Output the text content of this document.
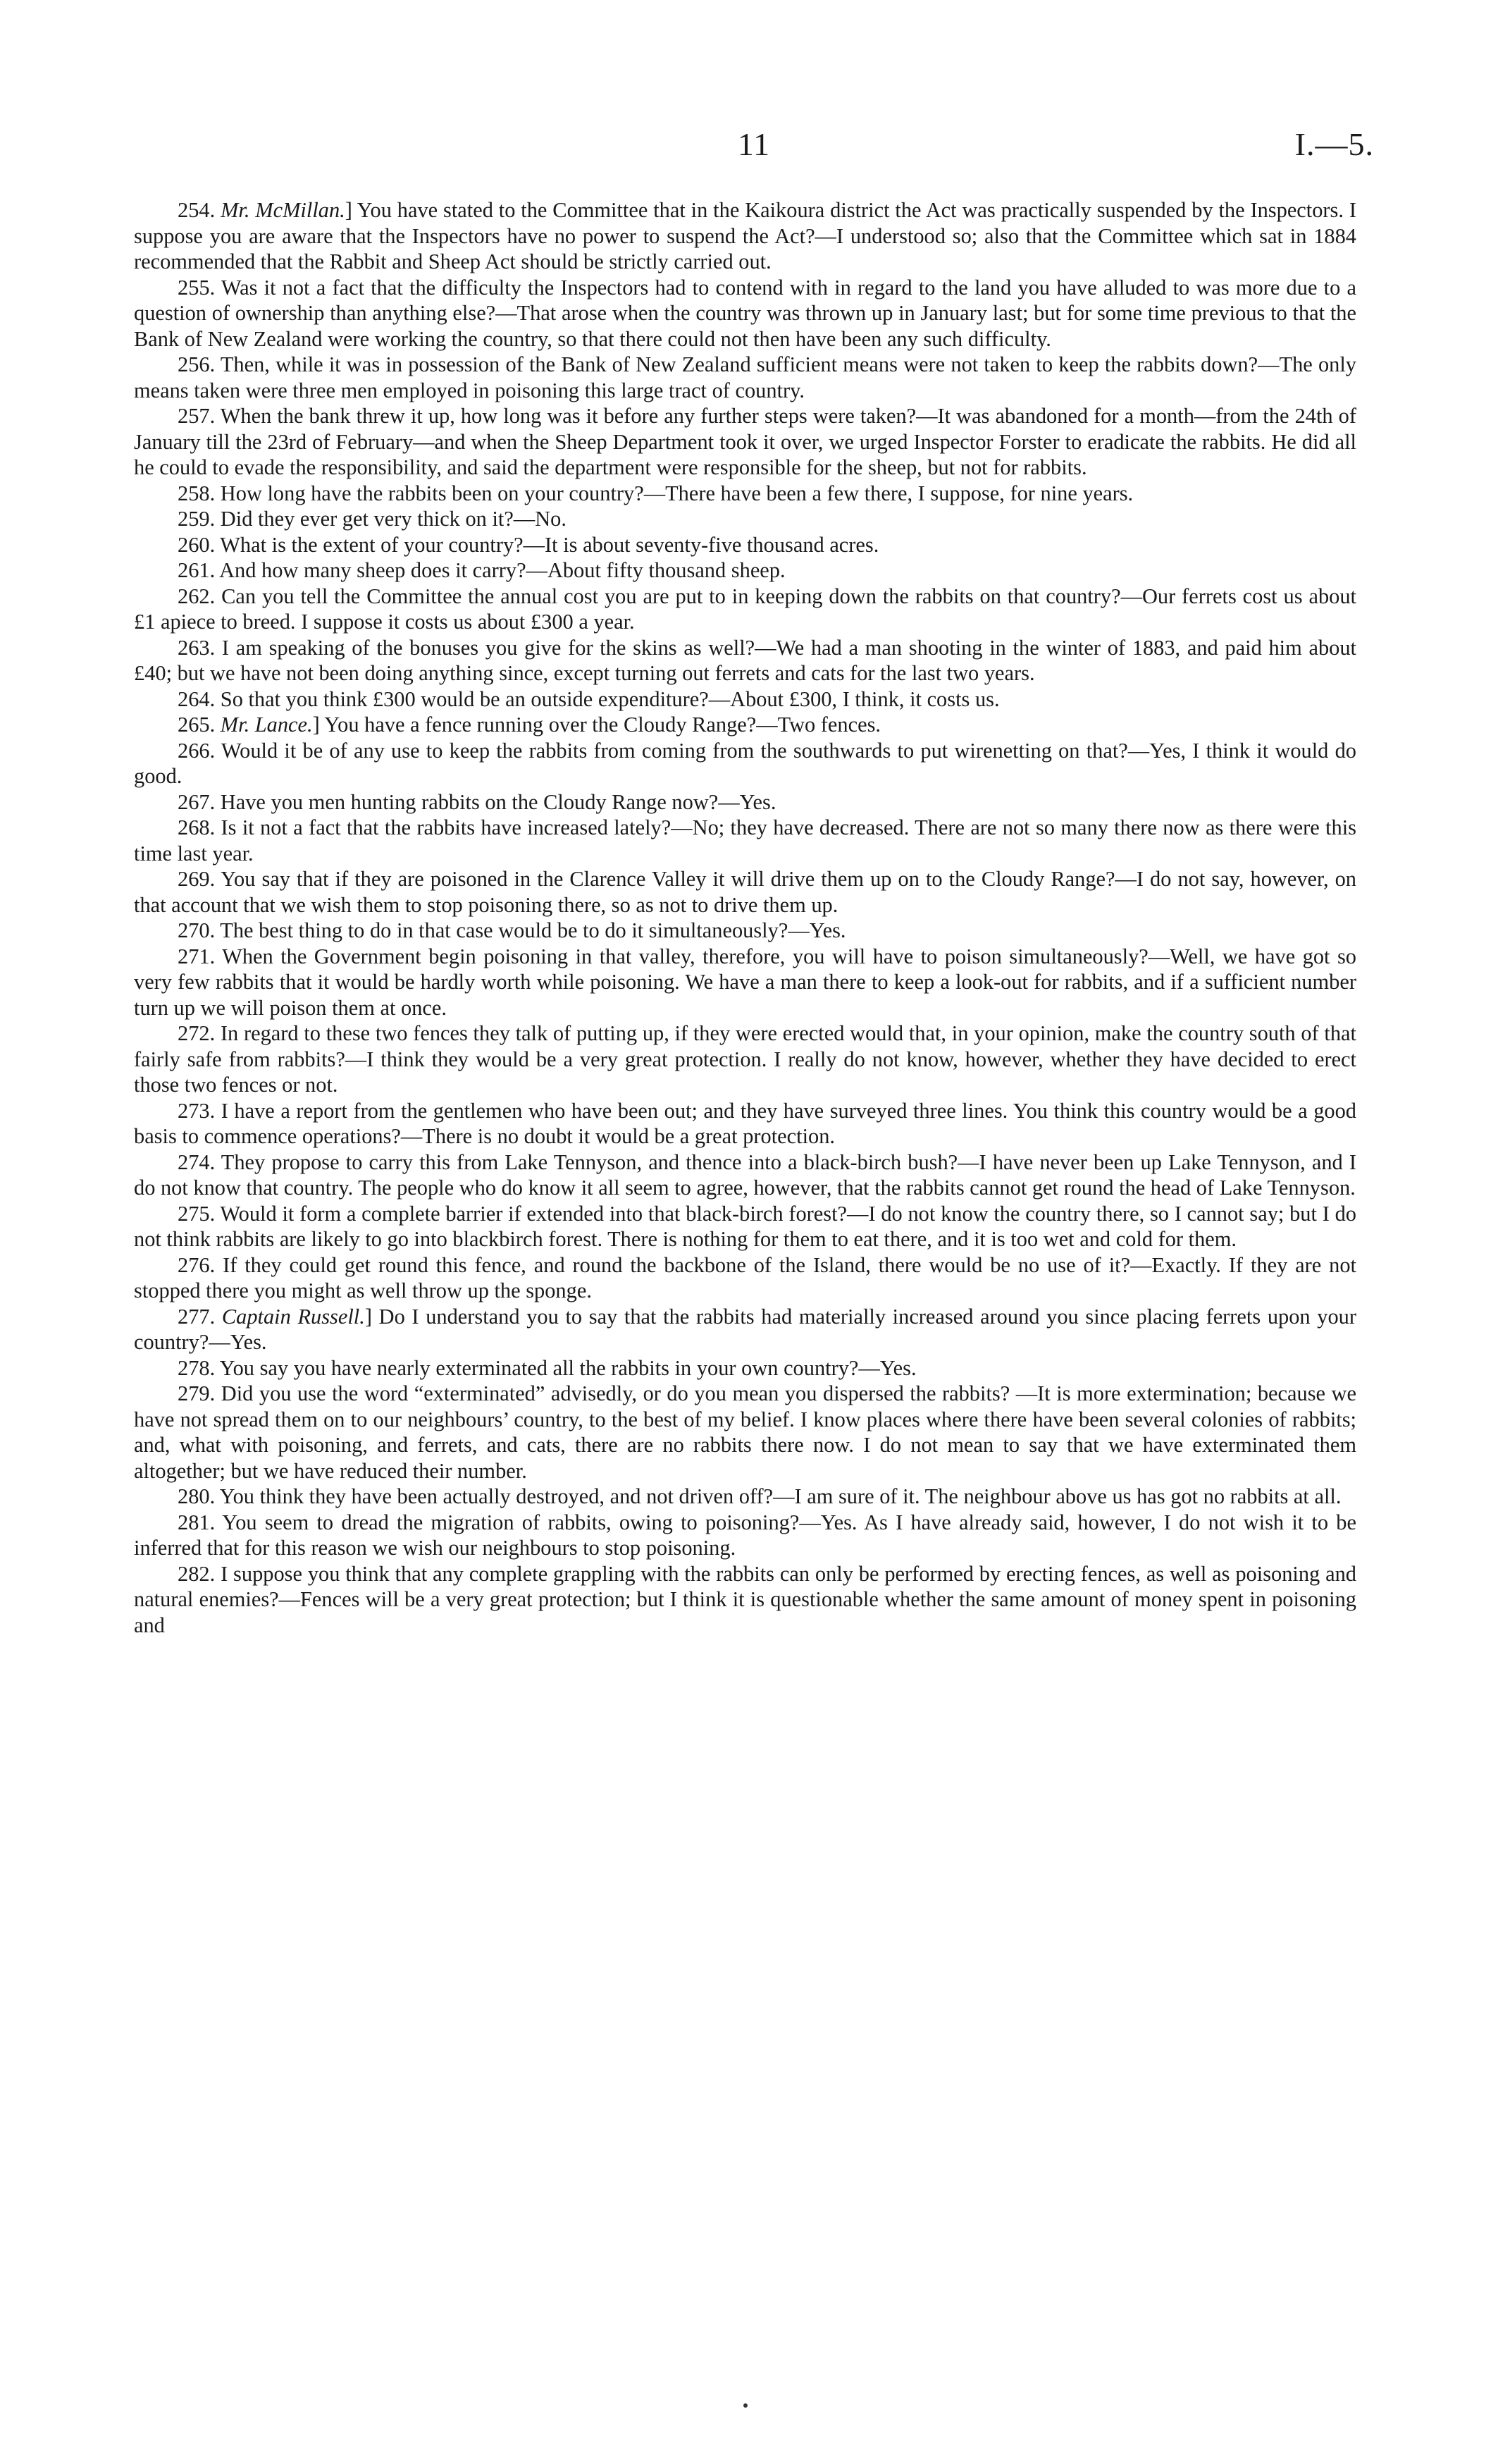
11	I.—5.

254. Mr. McMillan.] You have stated to the Committee that in the Kaikoura district the Act was practically suspended by the Inspectors. I suppose you are aware that the Inspectors have no power to suspend the Act?—I understood so; also that the Committee which sat in 1884 recommended that the Rabbit and Sheep Act should be strictly carried out.

255. Was it not a fact that the difficulty the Inspectors had to contend with in regard to the land you have alluded to was more due to a question of ownership than anything else?—That arose when the country was thrown up in January last; but for some time previous to that the Bank of New Zealand were working the country, so that there could not then have been any such difficulty.

256. Then, while it was in possession of the Bank of New Zealand sufficient means were not taken to keep the rabbits down?—The only means taken were three men employed in poisoning this large tract of country.

257. When the bank threw it up, how long was it before any further steps were taken?—It was abandoned for a month—from the 24th of January till the 23rd of February—and when the Sheep Department took it over, we urged Inspector Forster to eradicate the rabbits. He did all he could to evade the responsibility, and said the department were responsible for the sheep, but not for rabbits.

258. How long have the rabbits been on your country?—There have been a few there, I suppose, for nine years.

259. Did they ever get very thick on it?—No.

260. What is the extent of your country?—It is about seventy-five thousand acres.

261. And how many sheep does it carry?—About fifty thousand sheep.

262. Can you tell the Committee the annual cost you are put to in keeping down the rabbits on that country?—Our ferrets cost us about £1 apiece to breed. I suppose it costs us about £300 a year.

263. I am speaking of the bonuses you give for the skins as well?—We had a man shooting in the winter of 1883, and paid him about £40; but we have not been doing anything since, except turning out ferrets and cats for the last two years.

264. So that you think £300 would be an outside expenditure?—About £300, I think, it costs us.

265. Mr. Lance.] You have a fence running over the Cloudy Range?—Two fences.

266. Would it be of any use to keep the rabbits from coming from the southwards to put wirenetting on that?—Yes, I think it would do good.

267. Have you men hunting rabbits on the Cloudy Range now?—Yes.

268. Is it not a fact that the rabbits have increased lately?—No; they have decreased. There are not so many there now as there were this time last year.

269. You say that if they are poisoned in the Clarence Valley it will drive them up on to the Cloudy Range?—I do not say, however, on that account that we wish them to stop poisoning there, so as not to drive them up.

270. The best thing to do in that case would be to do it simultaneously?—Yes.

271. When the Government begin poisoning in that valley, therefore, you will have to poison simultaneously?—Well, we have got so very few rabbits that it would be hardly worth while poisoning. We have a man there to keep a look-out for rabbits, and if a sufficient number turn up we will poison them at once.

272. In regard to these two fences they talk of putting up, if they were erected would that, in your opinion, make the country south of that fairly safe from rabbits?—I think they would be a very great protection. I really do not know, however, whether they have decided to erect those two fences or not.

273. I have a report from the gentlemen who have been out; and they have surveyed three lines. You think this country would be a good basis to commence operations?—There is no doubt it would be a great protection.

274. They propose to carry this from Lake Tennyson, and thence into a black-birch bush?—I have never been up Lake Tennyson, and I do not know that country. The people who do know it all seem to agree, however, that the rabbits cannot get round the head of Lake Tennyson.

275. Would it form a complete barrier if extended into that black-birch forest?—I do not know the country there, so I cannot say; but I do not think rabbits are likely to go into blackbirch forest. There is nothing for them to eat there, and it is too wet and cold for them.

276. If they could get round this fence, and round the backbone of the Island, there would be no use of it?—Exactly. If they are not stopped there you might as well throw up the sponge.

277. Captain Russell.] Do I understand you to say that the rabbits had materially increased around you since placing ferrets upon your country?—Yes.

278. You say you have nearly exterminated all the rabbits in your own country?—Yes.

279. Did you use the word “exterminated” advisedly, or do you mean you dispersed the rabbits? —It is more extermination; because we have not spread them on to our neighbours’ country, to the best of my belief. I know places where there have been several colonies of rabbits; and, what with poisoning, and ferrets, and cats, there are no rabbits there now. I do not mean to say that we have exterminated them altogether; but we have reduced their number.

280. You think they have been actually destroyed, and not driven off?—I am sure of it. The neighbour above us has got no rabbits at all.

281. You seem to dread the migration of rabbits, owing to poisoning?—Yes. As I have already said, however, I do not wish it to be inferred that for this reason we wish our neighbours to stop poisoning.

282. I suppose you think that any complete grappling with the rabbits can only be performed by erecting fences, as well as poisoning and natural enemies?—Fences will be a very great protection; but I think it is questionable whether the same amount of money spent in poisoning and
